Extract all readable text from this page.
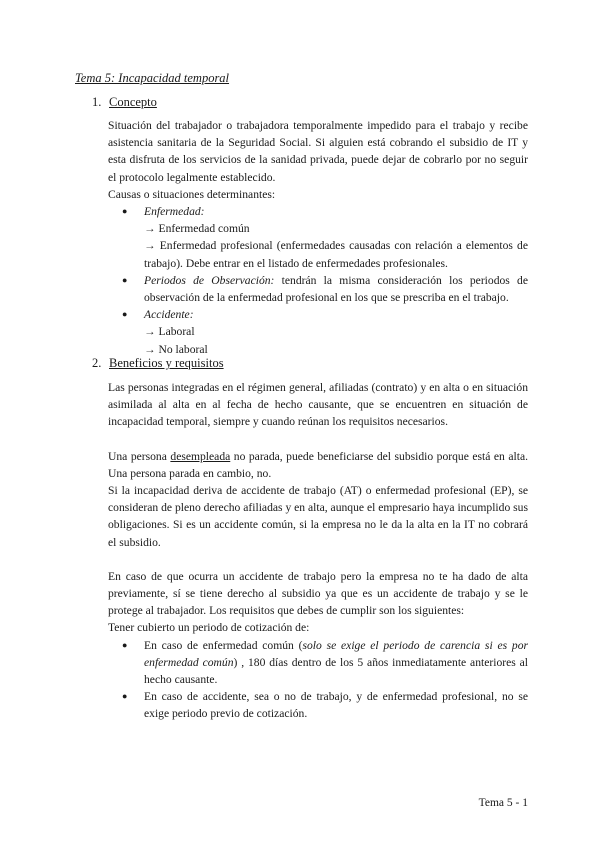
Tema 5: Incapacidad temporal
1. Concepto

Situación del trabajador o trabajadora temporalmente impedido para el trabajo y recibe asistencia sanitaria de la Seguridad Social. Si alguien está cobrando el subsidio de IT y esta disfruta de los servicios de la sanidad privada, puede dejar de cobrarlo por no seguir el protocolo legalmente establecido.

Causas o situaciones determinantes:

● Enfermedad:

→ Enfermedad común

→ Enfermedad profesional (enfermedades causadas con relación a elementos de trabajo). Debe entrar en el listado de enfermedades profesionales.

● Periodos de Observación: tendrán la misma consideración los periodos de observación de la enfermedad profesional en los que se prescriba en el trabajo.
● Accidente:

→ Laboral

→ No laboral

2. Beneficios y requisitos

Las personas integradas en el régimen general, afiliadas (contrato) y en alta o en situación asimilada al alta en al fecha de hecho causante, que se encuentren en situación de incapacidad temporal, siempre y cuando reúnan los requisitos necesarios.

Una persona desempleada no parada, puede beneficiarse del subsidio porque está en alta. Una persona parada en cambio, no.

Si la incapacidad deriva de accidente de trabajo (AT) o enfermedad profesional (EP), se consideran de pleno derecho afiliadas y en alta, aunque el empresario haya incumplido sus obligaciones. Si es un accidente común, si la empresa no le da la alta en la IT no cobrará el subsidio.

En caso de que ocurra un accidente de trabajo pero la empresa no te ha dado de alta previamente, sí se tiene derecho al subsidio ya que es un accidente de trabajo y se le protege al trabajador. Los requisitos que debes de cumplir son los siguientes:

Tener cubierto un periodo de cotización de:

● En caso de enfermedad común (solo se exige el periodo de carencia si es por enfermedad común) , 180 días dentro de los 5 años inmediatamente anteriores al hecho causante.
● En caso de accidente, sea o no de trabajo, y de enfermedad profesional, no se exige periodo previo de cotización.
Tema 5 - 1
